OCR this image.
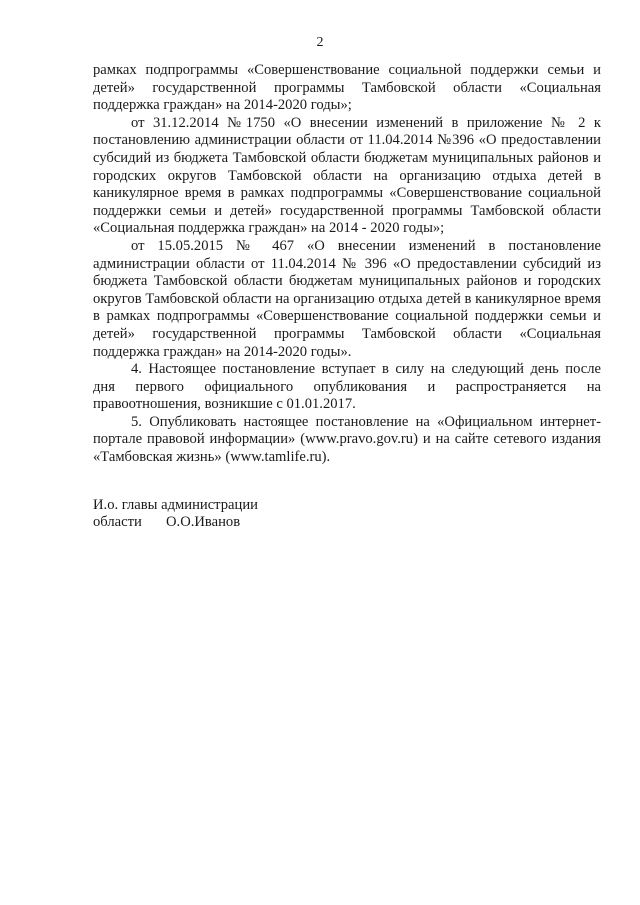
2

рамках подпрограммы «Совершенствование социальной поддержки семьи и детей» государственной программы Тамбовской области «Социальная поддержка граждан» на 2014-2020 годы»;

от 31.12.2014 №1750 «О внесении изменений в приложение № 2 к постановлению администрации области от 11.04.2014 №396 «О предоставлении субсидий из бюджета Тамбовской области бюджетам муниципальных районов и городских округов Тамбовской области на организацию отдыха детей в каникулярное время в рамках подпрограммы «Совершенствование социальной поддержки семьи и детей» государственной программы Тамбовской области «Социальная поддержка граждан» на 2014 - 2020 годы»;

от 15.05.2015 № 467 «О внесении изменений в постановление администрации области от 11.04.2014 № 396 «О предоставлении субсидий из бюджета Тамбовской области бюджетам муниципальных районов и городских округов Тамбовской области на организацию отдыха детей в каникулярное время в рамках подпрограммы «Совершенствование социальной поддержки семьи и детей» государственной программы Тамбовской области «Социальная поддержка граждан» на 2014-2020 годы».

4. Настоящее постановление вступает в силу на следующий день после дня первого официального опубликования и распространяется на правоотношения, возникшие с 01.01.2017.

5. Опубликовать настоящее постановление на «Официальном интернет-портале правовой информации» (www.pravo.gov.ru) и на сайте сетевого издания «Тамбовская жизнь» (www.tamlife.ru).

И.о. главы администрации
области О.О.Иванов
